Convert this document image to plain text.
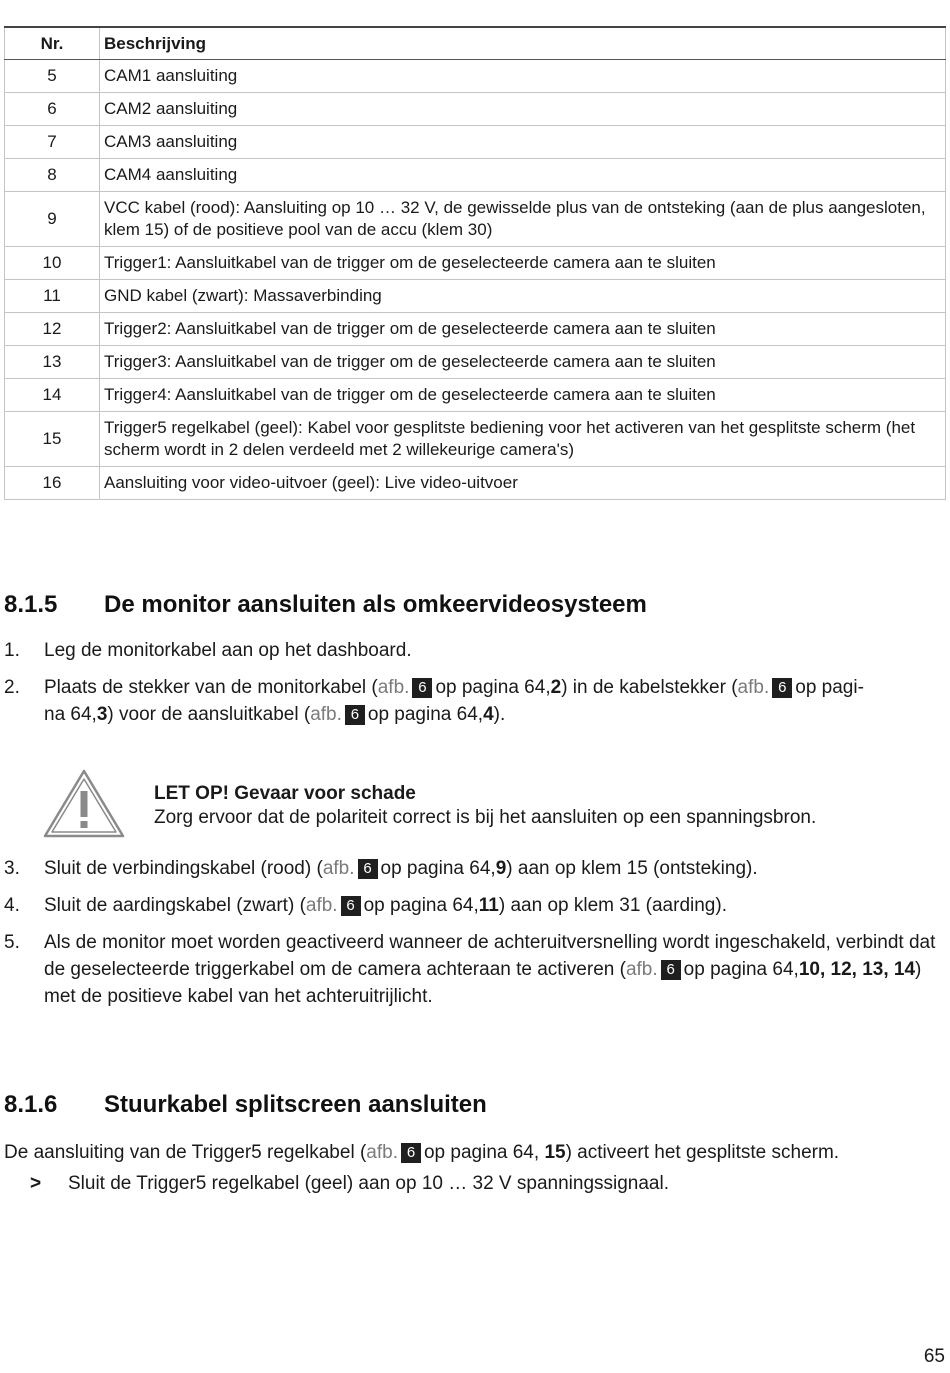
Nr.	Beschrijving
5	CAM1 aansluiting
6	CAM2 aansluiting
7	CAM3 aansluiting
8	CAM4 aansluiting
9	VCC kabel (rood): Aansluiting op 10 … 32 V, de gewisselde plus van de ontsteking (aan de plus aangesloten, klem 15) of de positieve pool van de accu (klem 30)
10	Trigger1: Aansluitkabel van de trigger om de geselecteerde camera aan te sluiten
11	GND kabel (zwart): Massaverbinding
12	Trigger2: Aansluitkabel van de trigger om de geselecteerde camera aan te sluiten
13	Trigger3: Aansluitkabel van de trigger om de geselecteerde camera aan te sluiten
14	Trigger4: Aansluitkabel van de trigger om de geselecteerde camera aan te sluiten
15	Trigger5 regelkabel (geel): Kabel voor gesplitste bediening voor het activeren van het gesplitste scherm (het scherm wordt in 2 delen verdeeld met 2 willekeurige camera's)
16	Aansluiting voor video-uitvoer (geel): Live video-uitvoer
8.1.5 De monitor aansluiten als omkeervideosysteem
1. Leg de monitorkabel aan op het dashboard.
2. Plaats de stekker van de monitorkabel (afb. 6 op pagina 64,2) in de kabelstekker (afb. 6 op pagi-na 64,3) voor de aansluitkabel (afb. 6 op pagina 64,4).
LET OP! Gevaar voor schade
Zorg ervoor dat de polariteit correct is bij het aansluiten op een spanningsbron.
3. Sluit de verbindingskabel (rood) (afb. 6 op pagina 64,9) aan op klem 15 (ontsteking).
4. Sluit de aardingskabel (zwart) (afb. 6 op pagina 64,11) aan op klem 31 (aarding).
5. Als de monitor moet worden geactiveerd wanneer de achteruitversnelling wordt ingeschakeld, verbindt dat de geselecteerde triggerkabel om de camera achteraan te activeren (afb. 6 op pagina 64,10, 12, 13, 14) met de positieve kabel van het achteruitrijlicht.
8.1.6 Stuurkabel splitscreen aansluiten
De aansluiting van de Trigger5 regelkabel (afb. 6 op pagina 64, 15) activeert het gesplitste scherm.
> Sluit de Trigger5 regelkabel (geel) aan op 10 … 32 V spanningssignaal.
65
